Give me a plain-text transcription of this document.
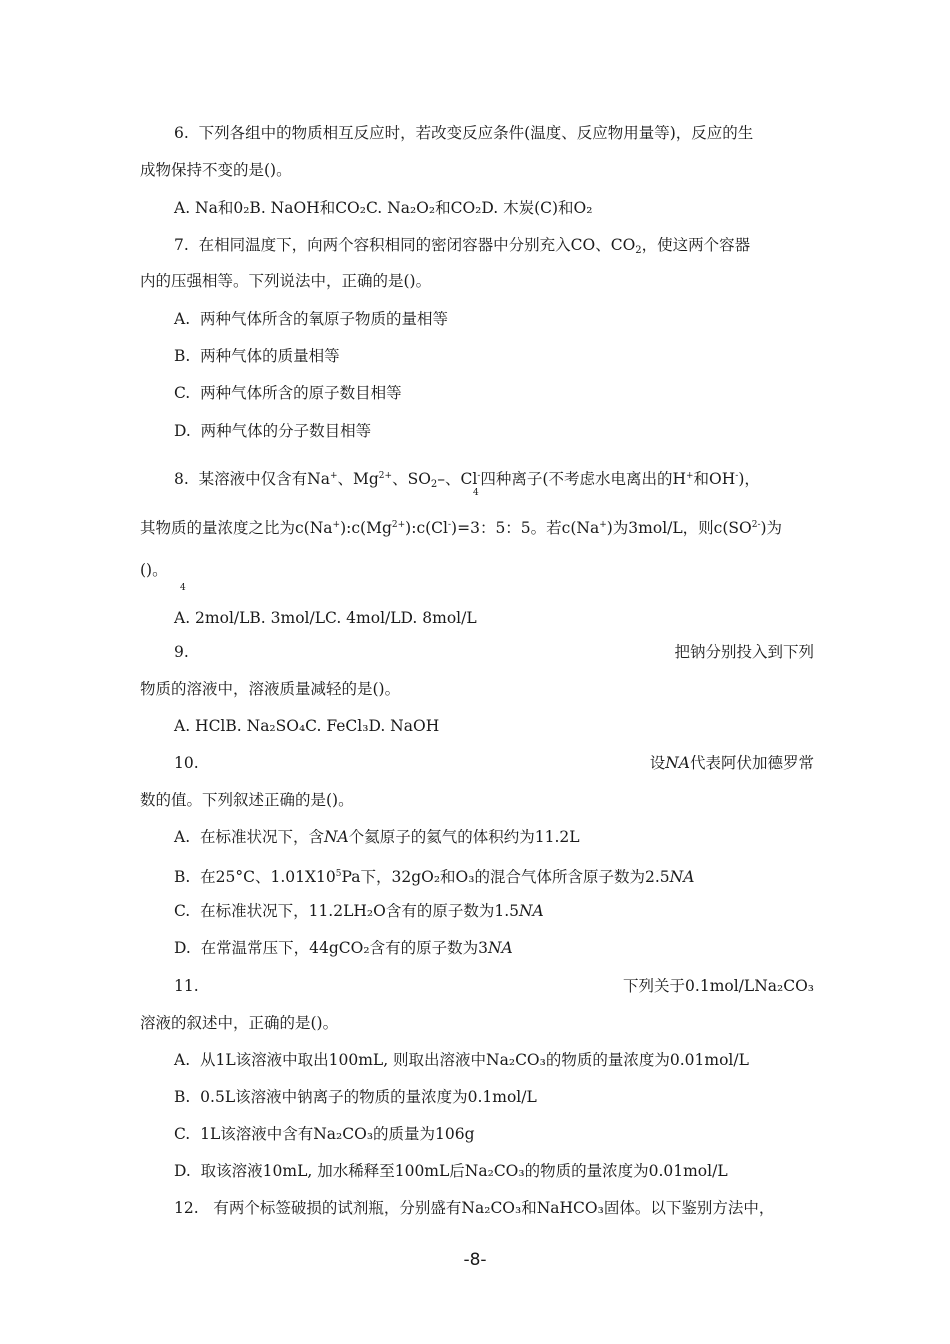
6.  下列各组中的物质相互反应时，若改变反应条件(温度、反应物用量等)，反应的生
成物保持不变的是()。
A. Na和0₂B. NaOH和CO₂C. Na₂O₂和CO₂D. 木炭(C)和O₂
7.  在相同温度下，向两个容积相同的密闭容器中分别充入CO、$CO_2$，使这两个容器
内的压强相等。下列说法中，正确的是()。
A.  两种气体所含的氧原子物质的量相等
B.  两种气体的质量相等
C.  两种气体所含的原子数目相等
D.  两种气体的分子数目相等
8.  某溶液中仅含有Na+、$Mg^{2+}$、$SO_2-$、Cl-四种离子(不考虑水电离出的H+和OH-)，
4
其物质的量浓度之比为$c(Na^+):c(Mg^{2+}):c(Cl^-)=3$：5：5。若c(Na+)为3mol/L，则$c(SO^{2-})$为
()。
4
A. 2mol/LB. 3mol/LC. 4mol/LD. 8mol/L
9.	把钠分别投入到下列
物质的溶液中，溶液质量减轻的是()。
A. HClB. Na₂SO₄C. FeCl₃D. NaOH
10.	设NA代表阿伏加德罗常
数的值。下列叙述正确的是()。
A.  在标准状况下，含NA个氦原子的氦气的体积约为11.2L
B.  在25°C、$1.01X10^5Pa$下，32gO₂和O₃的混合气体所含原子数为2.5NA
C.  在标准状况下，11.2LH₂O含有的原子数为1.5NA
D.  在常温常压下，44gCO₂含有的原子数为3NA
11.	下列关于0.1mol/LNa₂CO₃
溶液的叙述中，正确的是()。
A.  从1L该溶液中取出100mL, 则取出溶液中Na₂CO₃的物质的量浓度为0.01mol/L
B.  0.5L该溶液中钠离子的物质的量浓度为0.1mol/L
C.  1L该溶液中含有Na₂CO₃的质量为106g
D.  取该溶液10mL, 加水稀释至100mL后Na₂CO₃的物质的量浓度为0.01mol/L
12.   有两个标签破损的试剂瓶，分别盛有Na₂CO₃和NaHCO₃固体。以下鉴别方法中，
-8-
